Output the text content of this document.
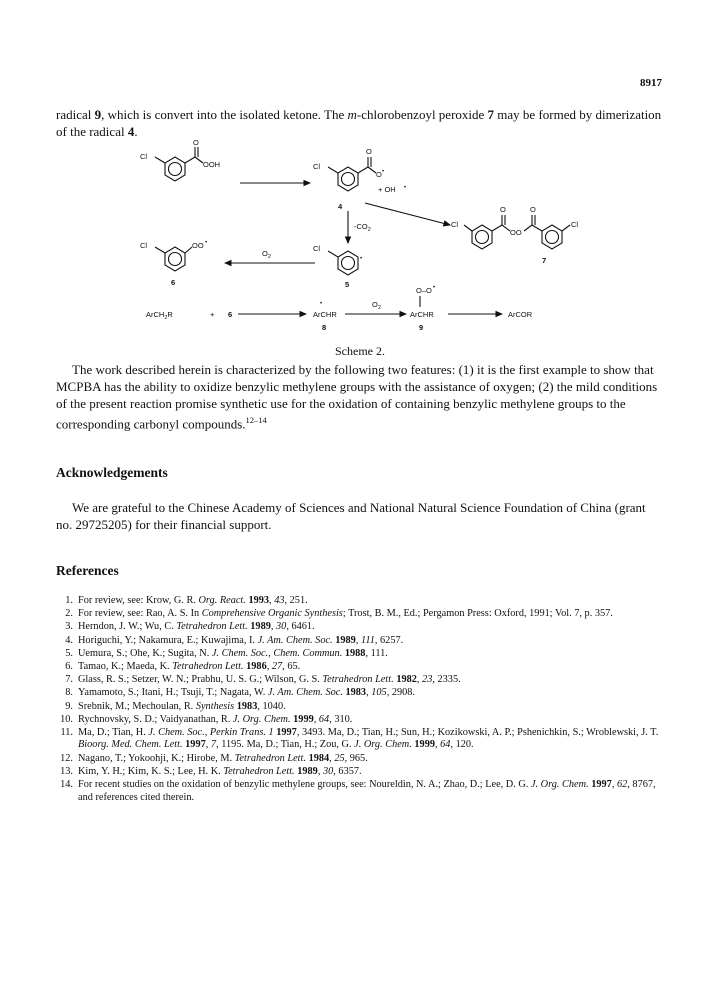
8917

radical 9, which is convert into the isolated ketone. The m-chlorobenzoyl peroxide 7 may be formed by dimerization of the radical 4.

Cl
O
OOH	Cl
O
O •
+ OH •
4
$-CO_2$	OO
Cl
O	O
Cl
7
Cl
•
5
$O_2$
Cl	OO •
6
ArCH$_2$R	+ 6
•
ArCHR
8
$O_2$
O–O •
ArCHR
9
ArCOR
Scheme 2.

The work described herein is characterized by the following two features: (1) it is the first example to show that MCPBA has the ability to oxidize benzylic methylene groups with the assistance of oxygen; (2) the mild conditions of the present reaction promise synthetic use for the oxidation of containing benzylic methylene groups to the corresponding carbonyl compounds.$^{12-14}$

Acknowledgements

We are grateful to the Chinese Academy of Sciences and National Natural Science Foundation of China (grant no. 29725205) for their financial support.

References
1. For review, see: Krow, G. R. Org. React. 1993, 43, 251.
2. For review, see: Rao, A. S. In Comprehensive Organic Synthesis; Trost, B. M., Ed.; Pergamon Press: Oxford, 1991; Vol. 7, p. 357.
3. Herndon, J. W.; Wu, C. Tetrahedron Lett. 1989, 30, 6461.
4. Horiguchi, Y.; Nakamura, E.; Kuwajima, I. J. Am. Chem. Soc. 1989, 111, 6257.
5. Uemura, S.; Ohe, K.; Sugita, N. J. Chem. Soc., Chem. Commun. 1988, 111.
6. Tamao, K.; Maeda, K. Tetrahedron Lett. 1986, 27, 65.
7. Glass, R. S.; Setzer, W. N.; Prabhu, U. S. G.; Wilson, G. S. Tetrahedron Lett. 1982, 23, 2335.
8. Yamamoto, S.; Itani, H.; Tsuji, T.; Nagata, W. J. Am. Chem. Soc. 1983, 105, 2908.
9. Srebnik, M.; Mechoulan, R. Synthesis 1983, 1040.
10. Rychnovsky, S. D.; Vaidyanathan, R. J. Org. Chem. 1999, 64, 310.
11. Ma, D.; Tian, H. J. Chem. Soc., Perkin Trans. 1 1997, 3493. Ma, D.; Tian, H.; Sun, H.; Kozikowski, A. P.; Pshenichkin, S.; Wroblewski, J. T. Bioorg. Med. Chem. Lett. 1997, 7, 1195. Ma, D.; Tian, H.; Zou, G. J. Org. Chem. 1999, 64, 120.
12. Nagano, T.; Yokoohji, K.; Hirobe, M. Tetrahedron Lett. 1984, 25, 965.
13. Kim, Y. H.; Kim, K. S.; Lee, H. K. Tetrahedron Lett. 1989, 30, 6357.
14. For recent studies on the oxidation of benzylic methylene groups, see: Noureldin, N. A.; Zhao, D.; Lee, D. G. J. Org. Chem. 1997, 62, 8767, and references cited therein.
